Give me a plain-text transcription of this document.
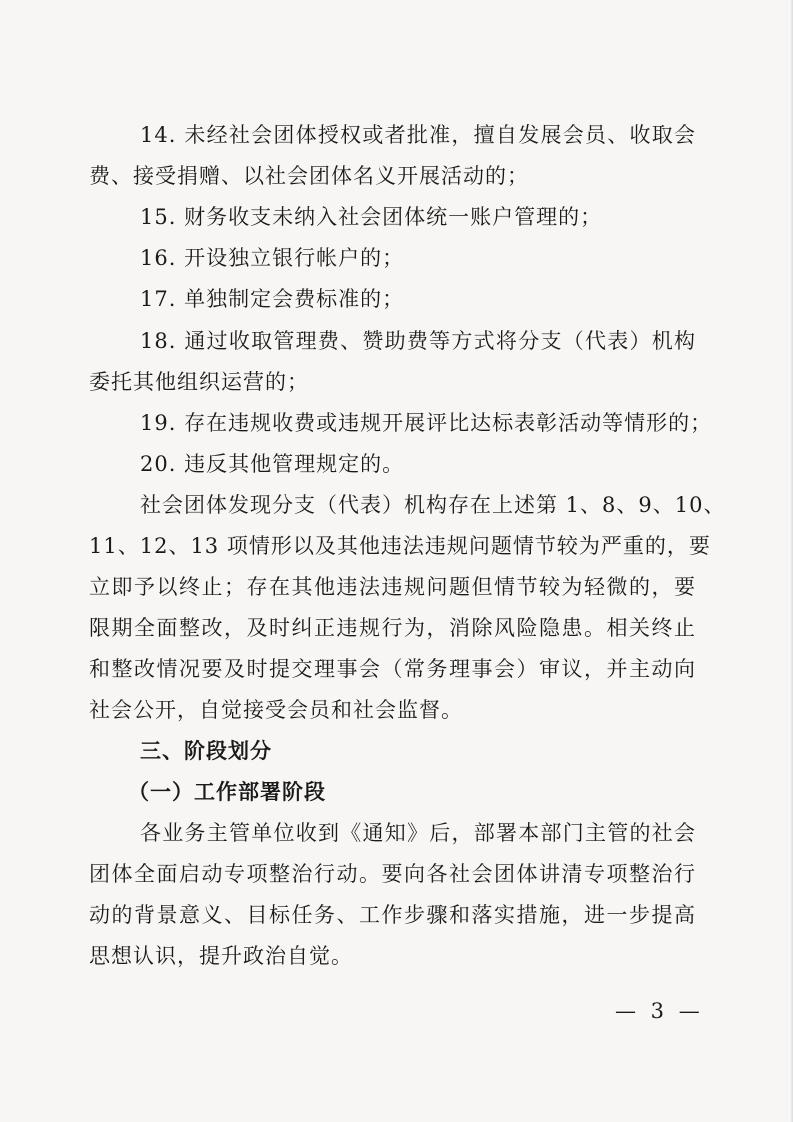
14. 未经社会团体授权或者批准，擅自发展会员、收取会
费、接受捐赠、以社会团体名义开展活动的；
15. 财务收支未纳入社会团体统一账户管理的；
16. 开设独立银行帐户的；
17. 单独制定会费标准的；
18. 通过收取管理费、赞助费等方式将分支（代表）机构
委托其他组织运营的；
19. 存在违规收费或违规开展评比达标表彰活动等情形的；
20. 违反其他管理规定的。
社会团体发现分支（代表）机构存在上述第 1、8、9、10、
11、12、13 项情形以及其他违法违规问题情节较为严重的，要
立即予以终止；存在其他违法违规问题但情节较为轻微的，要
限期全面整改，及时纠正违规行为，消除风险隐患。相关终止
和整改情况要及时提交理事会（常务理事会）审议，并主动向
社会公开，自觉接受会员和社会监督。
三、阶段划分
（一）工作部署阶段
各业务主管单位收到《通知》后，部署本部门主管的社会
团体全面启动专项整治行动。要向各社会团体讲清专项整治行
动的背景意义、目标任务、工作步骤和落实措施，进一步提高
思想认识，提升政治自觉。
— 3 —
